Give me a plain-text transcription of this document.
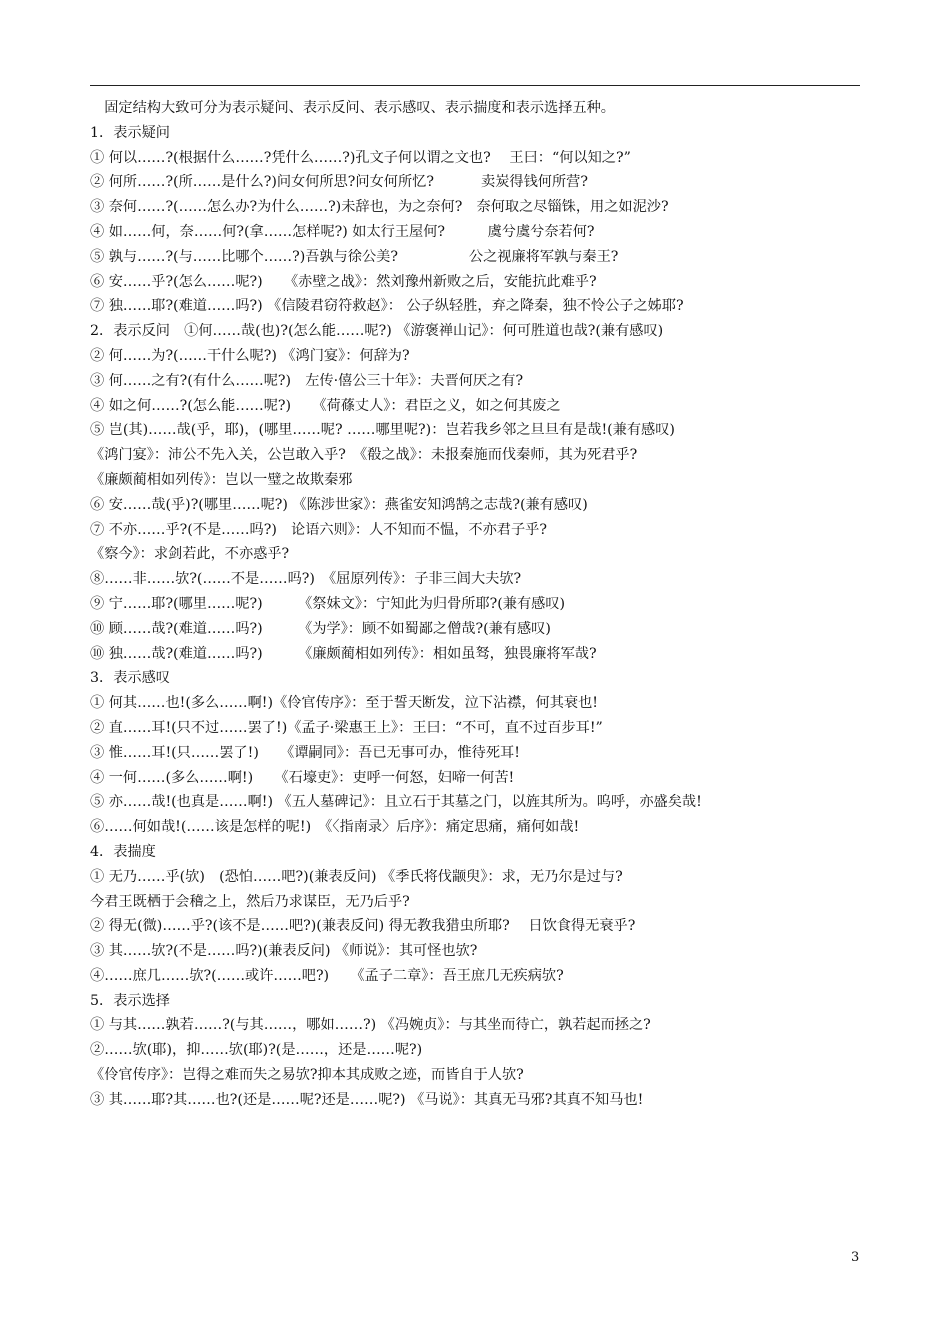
　固定结构大致可分为表示疑问、表示反问、表示感叹、表示揣度和表示选择五种。
1．表示疑问
① 何以……?(根据什么……?凭什么……?)孔文子何以谓之文也?　 王曰：“何以知之?”
② 何所……?(所……是什么?)问女何所思?问女何所忆?　　　 卖炭得钱何所营?
③ 奈何……?(……怎么办?为什么……?)未辞也，为之奈何?　奈何取之尽锱铢，用之如泥沙?
④ 如……何，奈……何?(拿……怎样呢?) 如太行王屋何?　　　虞兮虞兮奈若何?
⑤ 孰与……?(与……比哪个……?)吾孰与徐公美?　　　　　公之视廉将军孰与秦王?
⑥ 安……乎?(怎么……呢?)　　《赤壁之战》：然刘豫州新败之后，安能抗此难乎?
⑦ 独……耶?(难道……吗?) 《信陵君窃符救赵》： 公子纵轻胜，弃之降秦，独不怜公子之姊耶?
2．表示反问　①何……哉(也)?(怎么能……呢?) 《游褒禅山记》：何可胜道也哉?(兼有感叹)
② 何……为?(……干什么呢?) 《鸿门宴》：何辞为?
③ 何……之有?(有什么……呢?)　左传·僖公三十年》：夫晋何厌之有?
④ 如之何……?(怎么能……呢?)　　《荷蓧丈人》：君臣之义，如之何其废之
⑤ 岂(其)……哉(乎，耶)，(哪里……呢? ……哪里呢?)：岂若我乡邻之旦旦有是哉!(兼有感叹)
《鸿门宴》：沛公不先入关，公岂敢入乎?　《殽之战》：未报秦施而伐秦师，其为死君乎?
《廉颇蔺相如列传》：岂以一璧之故欺秦邪
⑥ 安……哉(乎)?(哪里……呢?) 《陈涉世家》：燕雀安知鸿鹄之志哉?(兼有感叹)
⑦ 不亦……乎?(不是……吗?)　论语六则》：人不知而不愠，不亦君子乎?
《察今》：求剑若此，不亦惑乎?
⑧……非……欤?(……不是……吗?)　《屈原列传》：子非三闾大夫欤?
⑨ 宁……耶?(哪里……呢?)　　　《祭妹文》：宁知此为归骨所耶?(兼有感叹)
⑩ 顾……哉?(难道……吗?)　　　《为学》：顾不如蜀鄙之僧哉?(兼有感叹)
⑩ 独……哉?(难道……吗?)　　　《廉颇蔺相如列传》：相如虽驽，独畏廉将军哉?
3．表示感叹
① 何其……也!(多么……啊!)《伶官传序》：至于誓天断发，泣下沾襟，何其衰也!
② 直……耳!(只不过……罢了!)《孟子·梁惠王上》：王曰：“不可，直不过百步耳!”
③ 惟……耳!(只……罢了!)　　《谭嗣同》：吾已无事可办，惟待死耳!
④ 一何……(多么……啊!)　　《石壕吏》：吏呼一何怒，妇啼一何苦!
⑤ 亦……哉!(也真是……啊!) 《五人墓碑记》：且立石于其墓之门，以旌其所为。呜呼，亦盛矣哉!
⑥……何如哉!(……该是怎样的呢!)　《〈指南录〉后序》：痛定思痛，痛何如哉!
4．表揣度
① 无乃……乎(欤)　(恐怕……吧?)(兼表反问) 《季氏将伐颛臾》：求，无乃尔是过与?
今君王既栖于会稽之上，然后乃求谋臣，无乃后乎?
② 得无(微)……乎?(该不是……吧?)(兼表反问) 得无教我猎虫所耶?　 日饮食得无衰乎?
③ 其……欤?(不是……吗?)(兼表反问) 《师说》：其可怪也欤?
④……庶几……欤?(……或许……吧?)　　《孟子二章》：吾王庶几无疾病欤?
5．表示选择
① 与其……孰若……?(与其……，哪如……?) 《冯婉贞》：与其坐而待亡，孰若起而拯之?
②……欤(耶)，抑……欤(耶)?(是……，还是……呢?)
《伶官传序》：岂得之难而失之易欤?抑本其成败之迹，而皆自于人欤?
③ 其……耶?其……也?(还是……呢?还是……呢?) 《马说》：其真无马邪?其真不知马也!
3
